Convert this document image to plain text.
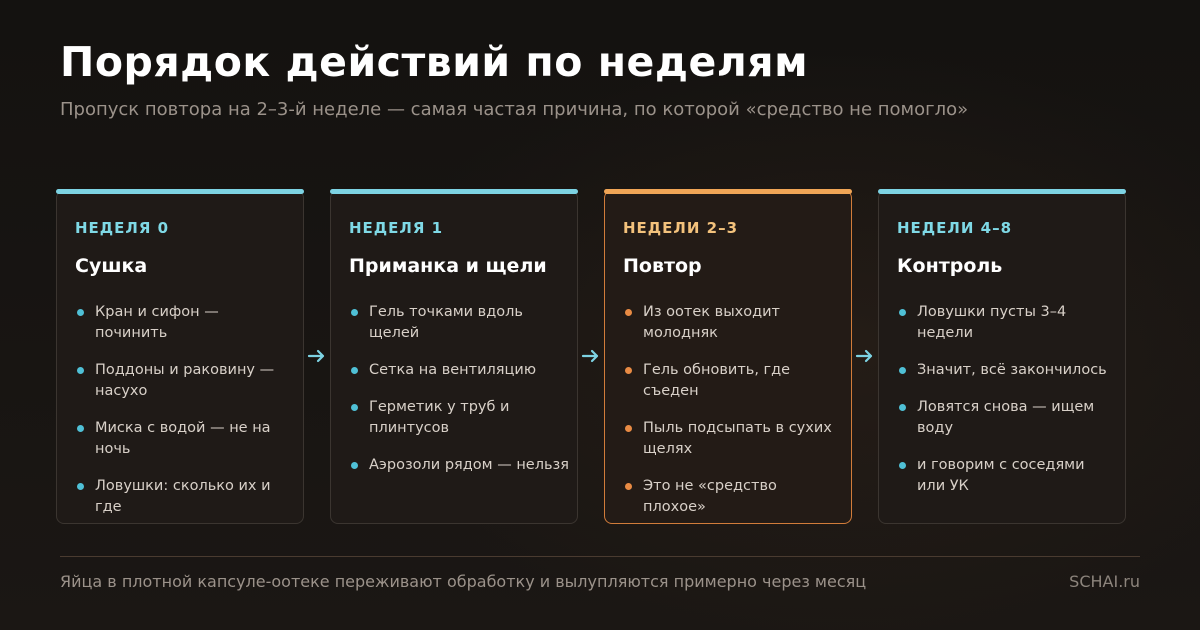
Порядок действий по неделям

Пропуск повтора на 2–3-й неделе — самая частая причина, по которой «средство не помогло»

НЕДЕЛЯ 0
Сушка
Кран и сифон — починить
Поддоны и раковину — насухо
Миска с водой — не на ночь
Ловушки: сколько их и где
НЕДЕЛЯ 1
Приманка и щели
Гель точками вдоль щелей
Сетка на вентиляцию
Герметик у труб и плинтусов
Аэрозоли рядом — нельзя
НЕДЕЛИ 2–3
Повтор
Из оотек выходит молодняк
Гель обновить, где съеден
Пыль подсыпать в сухих щелях
Это не «средство плохое»
НЕДЕЛИ 4–8
Контроль
Ловушки пусты 3–4 недели
Значит, всё закончилось
Ловятся снова — ищем воду
и говорим с соседями или УК
Яйца в плотной капсуле-оотеке переживают обработку и вылупляются примерно через месяц	SCHAI.ru
